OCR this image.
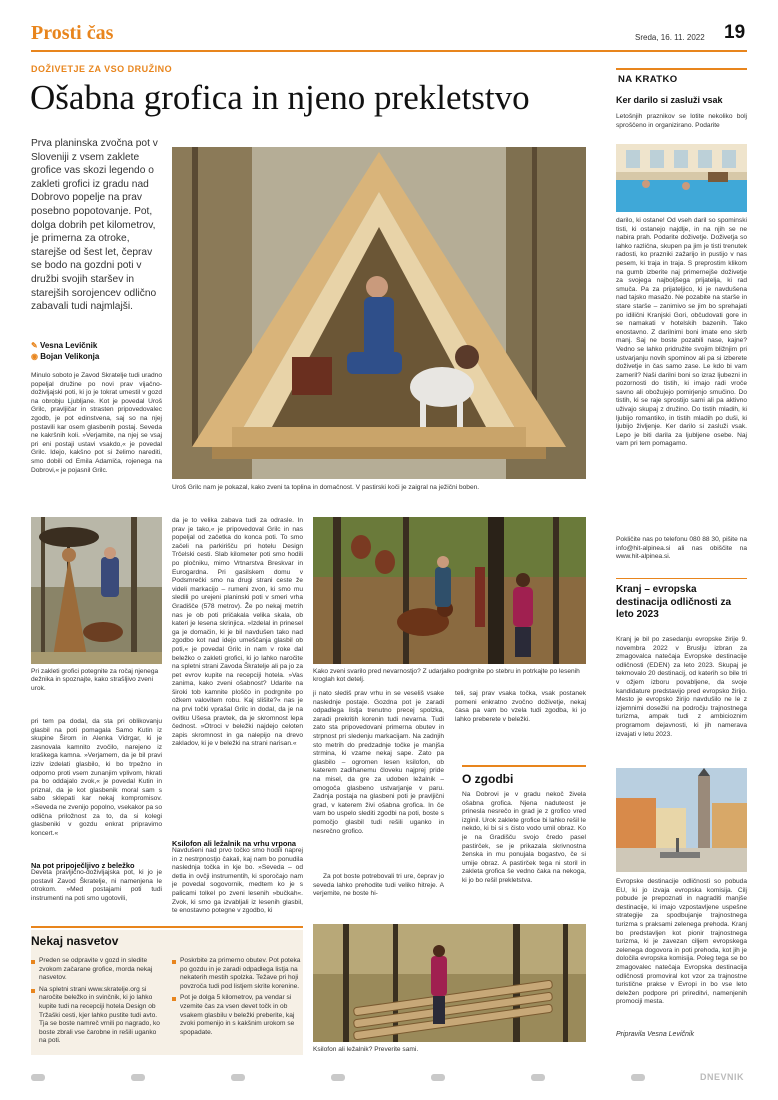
Prosti čas	Sreda, 16. 11. 2022 19
DOŽIVETJE ZA VSO DRUŽINO
Ošabna grofica in njeno prekletstvo
Prva planinska zvočna pot v Sloveniji z vsem zaklete grofice vas skozi legendo o zakleti grofici iz gradu nad Dobrovo popelje na prav posebno popotovanje. Pot, dolga dobrih pet kilometrov, je primerna za otroke, starejše od šest let, čeprav se bodo na gozdni poti v družbi svojih staršev in starejših sorojencev odlično zabavali tudi najmlajši.
✎ Vesna Levičnik
◉ Bojan Velikonja
Minulo soboto je Zavod Škratelje tudi uradno popeljal družine po novi prav vijačno-doživljajski poti, ki jo je tokrat umestil v gozd na obrobju Ljubljane. Kot je povedal Uroš Grilc, pravljičar in strasten pripovedovalec zgodb, je pot edinstvena, saj so na njej postavili kar osem glasbenih postaj. Seveda ne kakršnih koli. »Verjamite, na njej se vsaj pri eni postaji ustavi vsakdo,« je povedal Grilc. Idejo, kakšno pot si želimo narediti, smo dobili od Emila Adamiča, rojenega na Dobrovi,« je pojasnil Grilc.
Uroš Grilc nam je pokazal, kako zveni ta toplina in domačnost. V pastirski koči je zaigral na ježični boben.
Pri zakleti grofici potegnite za ročaj njenega dežnika in spoznajte, kako strašljivo zveni urok.
pri tem pa dodal, da sta pri oblikovanju glasbil na poti pomagala Samo Kutin iz skupine Širom in Alenka Vidrgar, ki je zasnovala kamnito zvočilo, narejeno iz kraškega kamna. »Verjamem, da je bil pravi izziv izdelati glasbilo, ki bo trpežno in odporno proti vsem zunanjim vplivom, hkrati pa bo oddajalo zvok,« je povedal Kutin in priznal, da je kot glasbenik moral sam s sabo sklepati kar nekaj kompromisov. »Seveda ne zvenijo popolno, vsekakor pa so odlična priložnost za to, da si kolegi glasbeniki v gozdu enkrat pripravimo koncert.«
Na pot pripoječljivo z beležko
Deveta pravljično-doživljajska pot, ki jo je postavil Zavod Škratelje, ni namenjena le otrokom. »Med postajami poti tudi instrumenti na poti smo ugotovili,
da je to velika zabava tudi za odrasle. In prav je tako,« je pripovedoval Grilc in nas popeljal od začetka do konca poti. To smo začeli na parkirišču pri hotelu Design Trčelski cesti. Slab kilometer poti smo hodili po pločniku, mimo Vrtnarstva Breskvar in Eurogardna. Pri gasilskem domu v Podsmrečki smo na drugi strani ceste že videli markacijo – rumeni zvon, ki smo mu sledili po urejeni planinski poti v smeri vrha Gradišče (578 metrov). Že po nekaj metrih nas je ob poti pričakala velika skala, ob kateri je lesena skrinjica. »Izdelal in prinesel ga je domačin, ki je bil navdušen tako nad zgodbo kot nad idejo umeščanja glasbil ob poti,« je povedal Grilc in nam v roke dal beležko o zakleti grofici, ki jo lahko naročite na spletni strani Zavoda Škratelje ali pa jo za pet evrov kupite na recepciji hotela. »Vas zanima, kako zveni ošabnost? Udarite na široki tob kamnite ploščo in podrgnite po ožkem valovitem robu. Kaj slišite?« nas je na prvi točki vprašal Grilc in dodal, da je na ovitku Ušesa pravtek, da je skromnost lepa čednost. »Otroci v beležki najdejo celoten zapis skromnost in ga nalepijo na drevo zakladov, ki je v beležki na strani narisan.«
Ksilofon ali ležalnik na vrhu vrpona
Navdušeni nad prvo točko smo hodili naprej in z nestrpnostjo čakali, kaj nam bo ponudila naslednja točka in kje bo. »Seveda – od detla in ovčji instrumentih, ki sporočajo nam je povedal sogovornik, medtem ko je s palicami tolkel po zveni lesenih »bučkah«. Zvok, ki smo ga izvabljali iz lesenih glasbil, te enostavno potegne v zgodbo, ki
Kako zveni svarilo pred nevarnostjo? Z udarjalko podrgnite po stebru in potrkajte po lesenih kroglah kot detelj.
ji nato slediš prav vrhu in se veseliš vsake naslednje postaje. Gozdna pot je zaradi odpadlega listja trenutno precej spolzka, zaradi prekritih korenin tudi nevarna. Tudi zato sta pripovedovani primerna obutev in strpnost pri sledenju markacijam. Na zadnjih sto metrih do predzadnje točke je manjša strmina, ki vzame nekaj sape. Zato pa glasbilo – ogromen lesen ksilofon, ob katerem zadihanemu človeku najprej pride na misel, da gre za udoben ležalnik – omogoča glasbeno ustvarjanje v paru. Zadnja postaja na glasbeni poti je pravljični grad, v katerem živi ošabna grofica. In če vam bo uspelo slediti zgodbi na poti, boste s pomočjo glasbil tudi rešili uganko in nesrečno grofico.
Za pot boste potrebovali tri ure, čeprav jo seveda lahko prehodite tudi veliko hitreje. A verjemite, ne boste hi-
teli, saj prav vsaka točka, vsak postanek pomeni enkratno zvočno doživetje, nekaj časa pa vam bo vzela tudi zgodba, ki jo lahko preberete v beležki.
O zgodbi
Na Dobrovi je v gradu nekoč živela ošabna grofica. Njena naduteost je prinesla nesrečo in grad je z grofico vred izginil. Urok zaklete grofice bi lahko rešil le nekdo, ki bi si s čisto vodo umil obraz. Ko je na Gradišču svojo čredo pasel pastirček, se je prikazala skrivnostna ženska in mu ponujala bogastvo, če si umije obraz. A pastirček tega ni storil in zakleta grofica še vedno čaka na nekoga, ki jo bo rešil prekletstva.
Nekaj nasvetov
Preden se odpravite v gozd in sledite zvokom začarane grofice, morda nekaj nasvetov.
Na spletni strani www.skratelje.org si naročite beležko in svinčnik, ki jo lahko kupite tudi na recepciji hotela Design ob Tržaški cesti, kjer lahko pustite tudi avto. Tja se boste namreč vrnili po nagrado, ko boste zbrali vse čarobne in rešili uganko na poti.
Poskrbite za primerno obutev. Pot poteka po gozdu in je zaradi odpadlega listja na nekaterih mestih spolzka. Težave pri hoji povzroča tudi pod listjem skrite korenine.
Pot je dolga 5 kilometrov, pa vendar si vzemite čas za vsen devet točk in ob vsakem glasbilu v beležki preberite, kaj zvoki pomenijo in s kakšnim urokom se spopadate.
Ksilofon ali ležalnik? Preverite sami.
NA KRATKO
Ker darilo si zasluži vsak
Letošnjih praznikov se lotite nekoliko bolj sproščeno in organizirano. Podarite
darilo, ki ostane! Od vseh daril so spominski tisti, ki ostanejo najdlje, in na njih se ne nabira prah. Podarite doživetje. Doživetja so lahko različna, skupen pa jim je tisti trenutek radosti, ko prazniki zažarijo in pustijo v nas pesem, ki traja in traja. S preprostim klikom na gumb izberite naj primernejše doživetje za svojega najboljšega prijatelja, ki rad smuča. Pa za prijateljico, ki je navdušena nad tajsko masažo. Ne pozabite na starše in stare starše – zanimivo se jim bo sprehajati po idilični Kranjski Gori, občudovati gore in se namakati v hotelskih bazenih. Tako enostavno. Z darilnimi boni imate eno skrb manj. Saj ne boste pozabili nase, kajne? Vedno se lahko pridružite svojim bližnjim pri ustvarjanju novih spominov ali pa si izberete doživetje in čas samo zase. Le kdo bi vam zameril? Naši darilni boni so izraz ljubezni in pozornosti do tistih, ki imajo radi vroče savno ali obožujejo pomirjenjo smučino. Do tistih, ki se raje sprostijo sami ali pa aktivno uživajo skupaj z družino. Do tistih mladih, ki ljubijo romantiko, in tistih mladih po duši, ki ljubijo življenje. Ker darilo si zasluži vsak. Lepo je biti darila za ljubljene osebe. Naj vam pri tem pomagamo.
Pokličite nas po telefonu 080 88 30, pišite na info@hit-alpinea.si ali nas obiščite na www.hit-alpinea.si.
Kranj – evropska destinacija odličnosti za leto 2023
Kranj je bil po zasedanju evropske žirije 9. novembra 2022 v Bruslju izbran za zmagovalca natečaja Evropske destinacije odličnosti (EDEN) za leto 2023. Skupaj je tekmovalo 20 destinacij, od katerih so bile tri v ožjem izboru povabljene, da svoje kandidature predstavijo pred evropsko žirijo. Mesto je evropsko žirijo navdušilo ne le z izjemnimi dosežki na področju trajnostnega turizma, ampak tudi z ambicioznim programom dejavnosti, ki jih namerava izvajati v letu 2023.
Evropske destinacije odličnosti so pobuda EU, ki jo izvaja evropska komisija. Cilj pobude je prepoznati in nagraditi manjše destinacije, ki imajo vzpostavljene uspešne strategije za spodbujanje trajnostnega turizma s praksami zelenega prehoda. Kranj bo predstavljen kot pionir trajnostnega turizma, ki je zavezan ciljem evropskega zelenega dogovora in poti prehoda, kot jih je določila evropska komisija. Poleg tega se bo zmagovalec natečaja Evropska destinacija odličnosti promoviral kot vzor za trajnostne turistične prakse v Evropi in bo vse leto deležen podpore pri prireditvi, namenjenih promociji mesta.
Pripravila Vesna Levičnik
DNEVNIK
